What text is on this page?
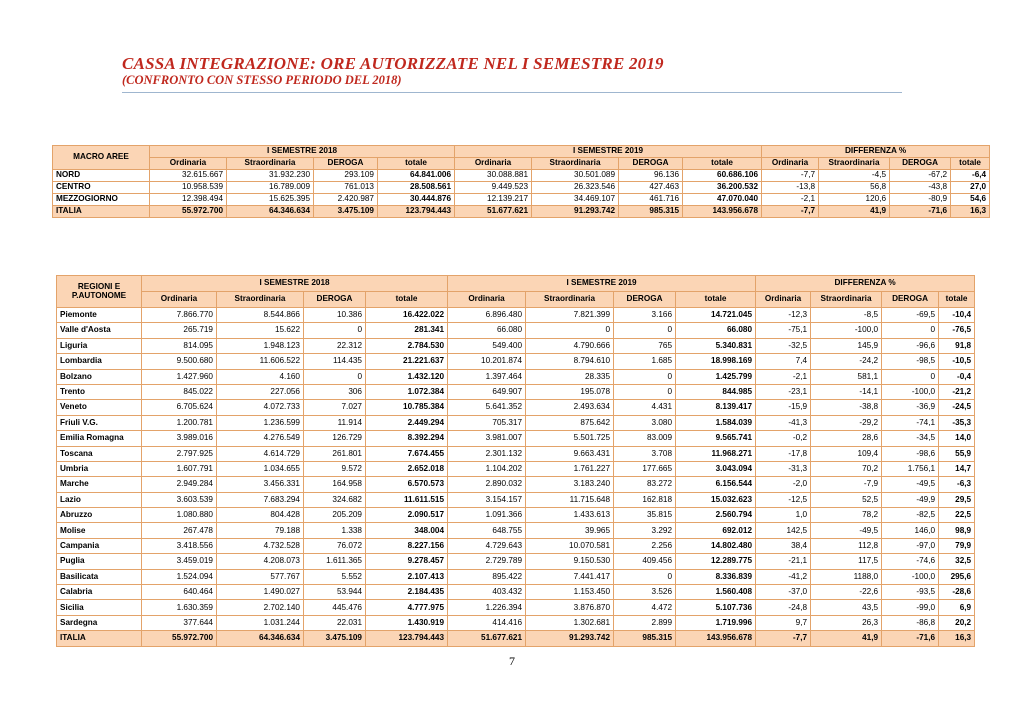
CASSA INTEGRAZIONE: ORE AUTORIZZATE NEL I SEMESTRE 2019
(CONFRONTO CON STESSO PERIODO DEL 2018)
MACRO AREE	I SEMESTRE 2018				I SEMESTRE 2019				DIFFERENZA %			
	Ordinaria	Straordinaria	DEROGA	totale	Ordinaria	Straordinaria	DEROGA	totale	Ordinaria	Straordinaria	DEROGA	totale
NORD	32.615.667	31.932.230	293.109	64.841.006	30.088.881	30.501.089	96.136	60.686.106	-7,7	-4,5	-67,2	-6,4
CENTRO	10.958.539	16.789.009	761.013	28.508.561	9.449.523	26.323.546	427.463	36.200.532	-13,8	56,8	-43,8	27,0
MEZZOGIORNO	12.398.494	15.625.395	2.420.987	30.444.876	12.139.217	34.469.107	461.716	47.070.040	-2,1	120,6	-80,9	54,6
ITALIA	55.972.700	64.346.634	3.475.109	123.794.443	51.677.621	91.293.742	985.315	143.956.678	-7,7	41,9	-71,6	16,3
REGIONI E
P.AUTONOME	I SEMESTRE 2018				I SEMESTRE 2019				DIFFERENZA %			
	Ordinaria	Straordinaria	DEROGA	totale	Ordinaria	Straordinaria	DEROGA	totale	Ordinaria	Straordinaria	DEROGA	totale
Piemonte	7.866.770	8.544.866	10.386	16.422.022	6.896.480	7.821.399	3.166	14.721.045	-12,3	-8,5	-69,5	-10,4
Valle d'Aosta	265.719	15.622	0	281.341	66.080	0	0	66.080	-75,1	-100,0	0	-76,5
Liguria	814.095	1.948.123	22.312	2.784.530	549.400	4.790.666	765	5.340.831	-32,5	145,9	-96,6	91,8
Lombardia	9.500.680	11.606.522	114.435	21.221.637	10.201.874	8.794.610	1.685	18.998.169	7,4	-24,2	-98,5	-10,5
Bolzano	1.427.960	4.160	0	1.432.120	1.397.464	28.335	0	1.425.799	-2,1	581,1	0	-0,4
Trento	845.022	227.056	306	1.072.384	649.907	195.078	0	844.985	-23,1	-14,1	-100,0	-21,2
Veneto	6.705.624	4.072.733	7.027	10.785.384	5.641.352	2.493.634	4.431	8.139.417	-15,9	-38,8	-36,9	-24,5
Friuli V.G.	1.200.781	1.236.599	11.914	2.449.294	705.317	875.642	3.080	1.584.039	-41,3	-29,2	-74,1	-35,3
Emilia Romagna	3.989.016	4.276.549	126.729	8.392.294	3.981.007	5.501.725	83.009	9.565.741	-0,2	28,6	-34,5	14,0
Toscana	2.797.925	4.614.729	261.801	7.674.455	2.301.132	9.663.431	3.708	11.968.271	-17,8	109,4	-98,6	55,9
Umbria	1.607.791	1.034.655	9.572	2.652.018	1.104.202	1.761.227	177.665	3.043.094	-31,3	70,2	1.756,1	14,7
Marche	2.949.284	3.456.331	164.958	6.570.573	2.890.032	3.183.240	83.272	6.156.544	-2,0	-7,9	-49,5	-6,3
Lazio	3.603.539	7.683.294	324.682	11.611.515	3.154.157	11.715.648	162.818	15.032.623	-12,5	52,5	-49,9	29,5
Abruzzo	1.080.880	804.428	205.209	2.090.517	1.091.366	1.433.613	35.815	2.560.794	1,0	78,2	-82,5	22,5
Molise	267.478	79.188	1.338	348.004	648.755	39.965	3.292	692.012	142,5	-49,5	146,0	98,9
Campania	3.418.556	4.732.528	76.072	8.227.156	4.729.643	10.070.581	2.256	14.802.480	38,4	112,8	-97,0	79,9
Puglia	3.459.019	4.208.073	1.611.365	9.278.457	2.729.789	9.150.530	409.456	12.289.775	-21,1	117,5	-74,6	32,5
Basilicata	1.524.094	577.767	5.552	2.107.413	895.422	7.441.417	0	8.336.839	-41,2	1188,0	-100,0	295,6
Calabria	640.464	1.490.027	53.944	2.184.435	403.432	1.153.450	3.526	1.560.408	-37,0	-22,6	-93,5	-28,6
Sicilia	1.630.359	2.702.140	445.476	4.777.975	1.226.394	3.876.870	4.472	5.107.736	-24,8	43,5	-99,0	6,9
Sardegna	377.644	1.031.244	22.031	1.430.919	414.416	1.302.681	2.899	1.719.996	9,7	26,3	-86,8	20,2
ITALIA	55.972.700	64.346.634	3.475.109	123.794.443	51.677.621	91.293.742	985.315	143.956.678	-7,7	41,9	-71,6	16,3
7
